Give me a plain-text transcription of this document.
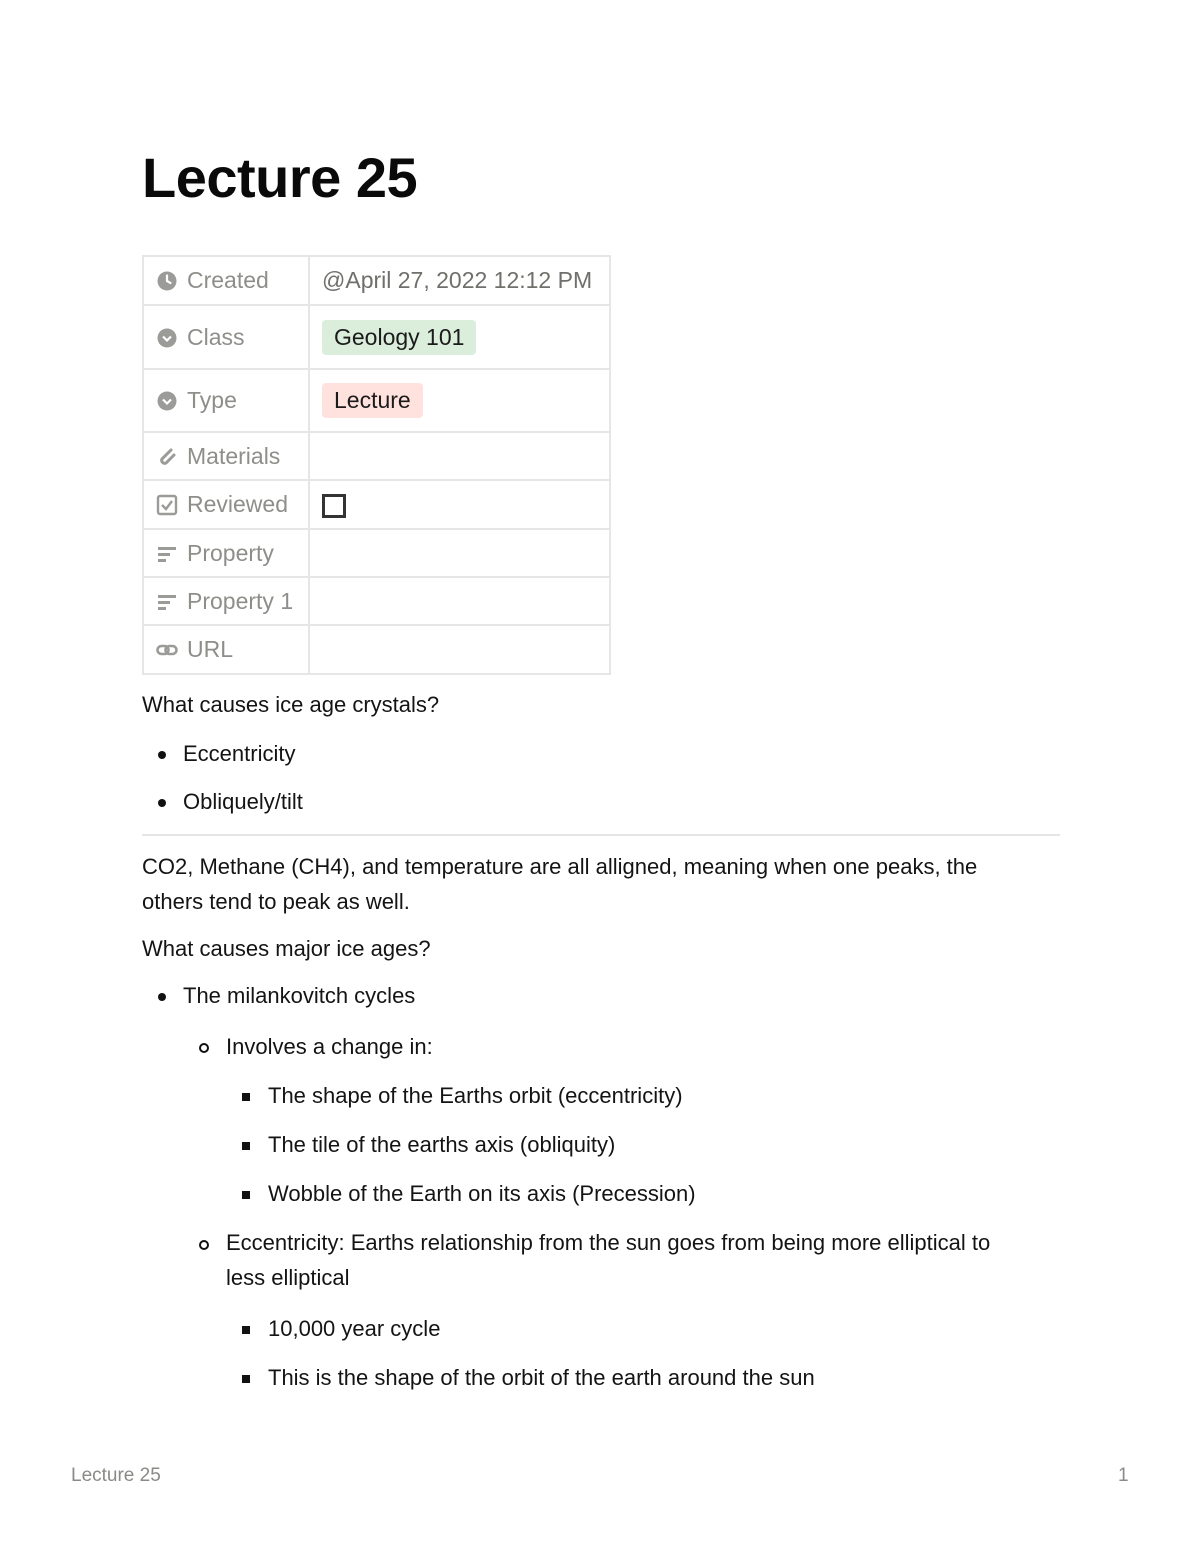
Lecture 25
Created	@April 27, 2022 12:12 PM
Class	Geology 101
Type	Lecture
Materials	
Reviewed	
Property	
Property 1	
URL	
What causes ice age crystals?
Eccentricity
Obliquely/tilt
CO2, Methane (CH4), and temperature are all alligned, meaning when one peaks, the
others tend to peak as well.
What causes major ice ages?
The milankovitch cycles
Involves a change in:
The shape of the Earths orbit (eccentricity)
The tile of the earths axis (obliquity)
Wobble of the Earth on its axis (Precession)
Eccentricity: Earths relationship from the sun goes from being more elliptical to
less elliptical
10,000 year cycle
This is the shape of the orbit of the earth around the sun
Lecture 25	1
